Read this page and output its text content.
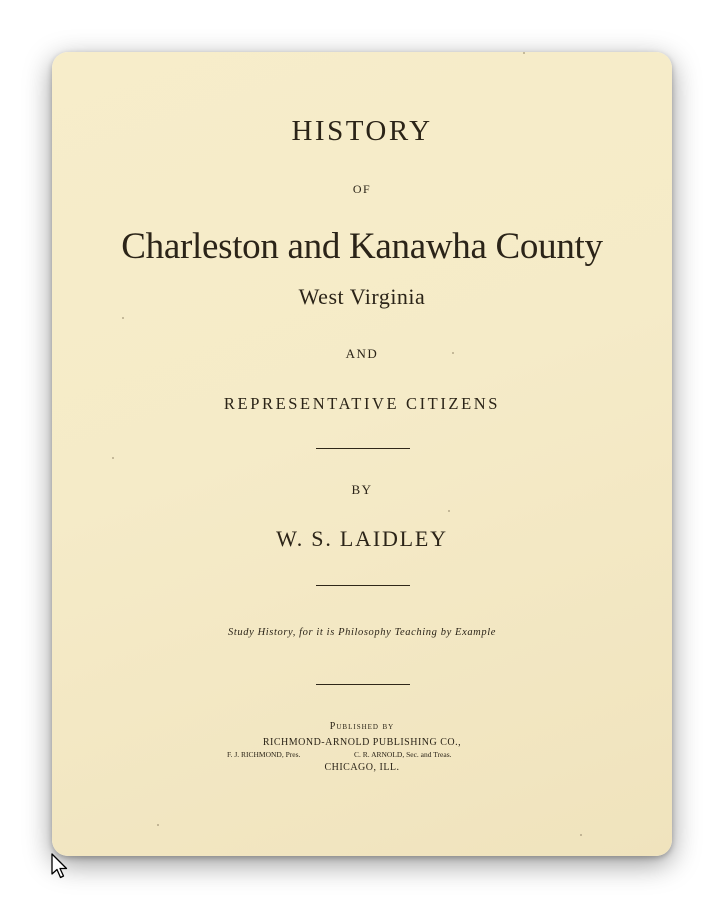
HISTORY
OF
Charleston and Kanawha County
West Virginia
AND
REPRESENTATIVE CITIZENS
BY
W. S. LAIDLEY
Study History, for it is Philosophy Teaching by Example
Published by
RICHMOND-ARNOLD PUBLISHING CO.,
F. J. RICHMOND, Pres.	C. R. ARNOLD, Sec. and Treas.
CHICAGO, ILL.
